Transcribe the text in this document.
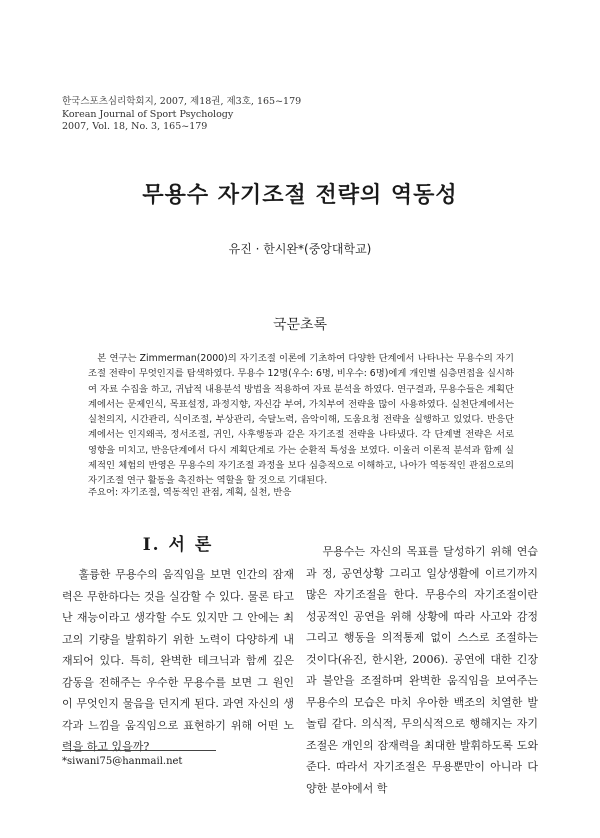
한국스포츠심리학회지, 2007, 제18권, 제3호, 165~179
Korean Journal of Sport Psychology
2007, Vol. 18, No. 3, 165~179
무용수 자기조절 전략의 역동성
유진 · 한시완*(중앙대학교)
국문초록
본 연구는 Zimmerman(2000)의 자기조절 이론에 기초하여 다양한 단계에서 나타나는 무용수의 자기조절 전략이 무엇인지를 탐색하였다. 무용수 12명(우수: 6명, 비우수: 6명)에게 개인별 심층면접을 실시하여 자료 수집을 하고, 귀납적 내용분석 방법을 적용하여 자료 분석을 하였다. 연구결과, 무용수들은 계획단계에서는 문제인식, 목표설정, 과정지향, 자신감 부여, 가치부여 전략을 많이 사용하였다. 실천단계에서는 실천의지, 시간관리, 식이조절, 부상관리, 숙달노력, 음악이해, 도움요청 전략을 실행하고 있었다. 반응단계에서는 인지왜곡, 정서조절, 귀인, 사후행동과 같은 자기조절 전략을 나타냈다. 각 단계별 전략은 서로 영향을 미치고, 반응단계에서 다시 계획단계로 가는 순환적 특성을 보였다. 이울러 이론적 분석과 함께 실제적인 체험의 반영은 무용수의 자기조절 과정을 보다 심층적으로 이해하고, 나아가 역동적인 관점으로의 자기조절 연구 활동을 촉진하는 역할을 할 것으로 기대된다.
주요어: 자기조절, 역동적인 관점, 계획, 실천, 반응
I. 서 론

훌륭한 무용수의 움직임을 보면 인간의 잠재력은 무한하다는 것을 실감할 수 있다. 물론 타고난 재능이라고 생각할 수도 있지만 그 안에는 최고의 기량을 발휘하기 위한 노력이 다양하게 내재되어 있다. 특히, 완벽한 테크닉과 함께 깊은 감동을 전해주는 우수한 무용수를 보면 그 원인이 무엇인지 물음을 던지게 된다. 과연 자신의 생각과 느낌을 움직임으로 표현하기 위해 어떤 노력을 하고 있을까?

무용수는 자신의 목표를 달성하기 위해 연습과 정, 공연상황 그리고 일상생활에 이르기까지 많은 자기조절을 한다. 무용수의 자기조절이란 성공적인 공연을 위해 상황에 따라 사고와 감정 그리고 행동을 의적통제 없이 스스로 조절하는 것이다(유진, 한시완, 2006). 공연에 대한 긴장과 불안을 조절하며 완벽한 움직임을 보여주는 무용수의 모습은 마치 우아한 백조의 치열한 발놀림 같다. 의식적, 무의식적으로 행해지는 자기조절은 개인의 잠재력을 최대한 발휘하도록 도와준다. 따라서 자기조절은 무용뿐만이 아니라 다양한 분야에서 학

*siwani75@hanmail.net
